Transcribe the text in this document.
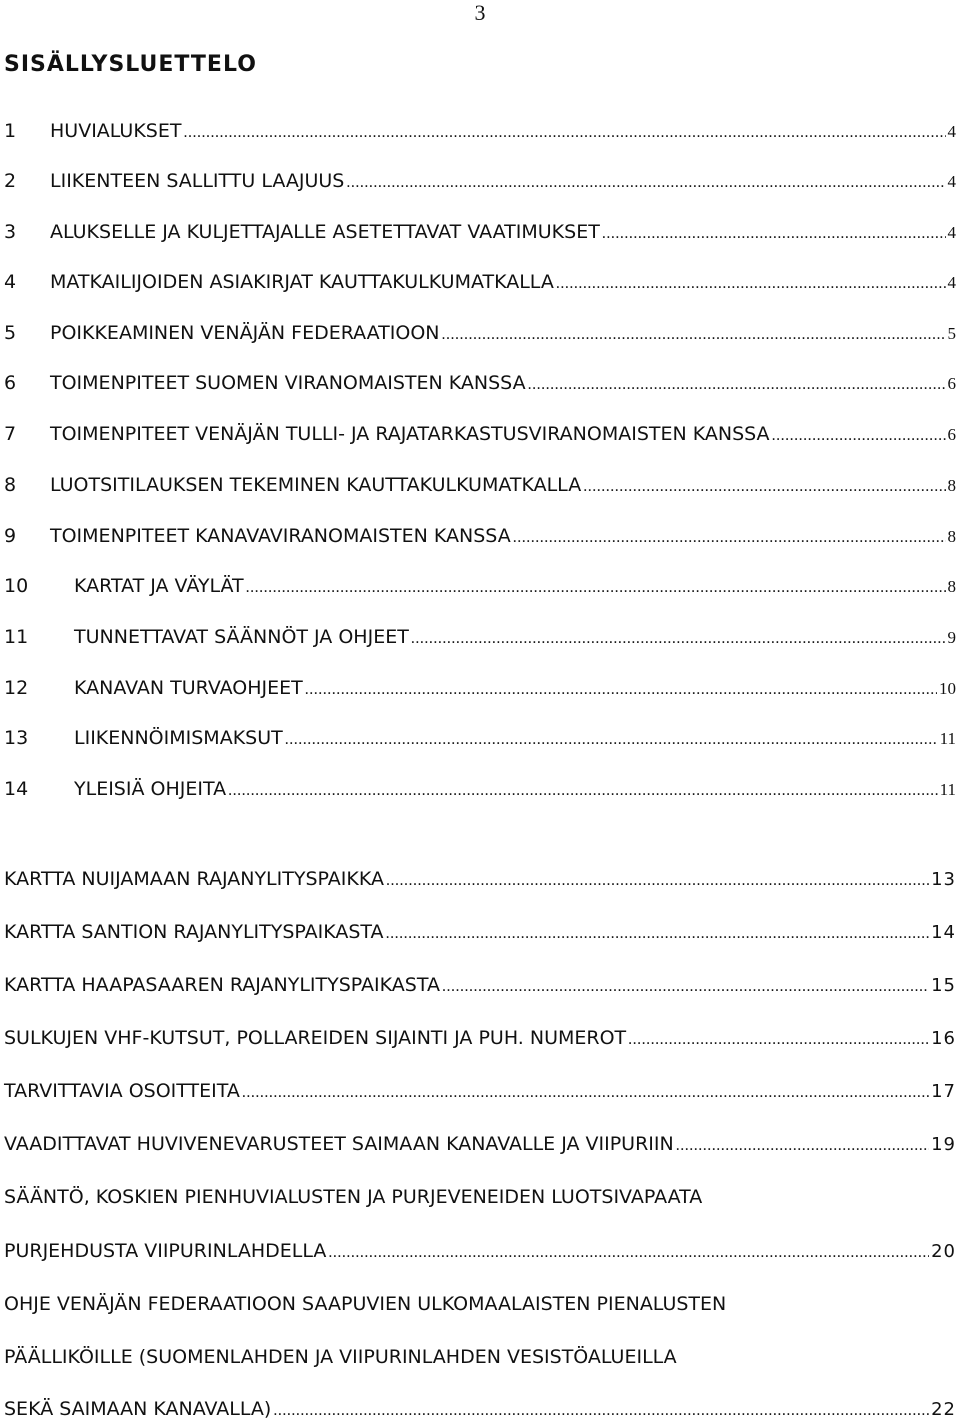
3
SISÄLLYSLUETTELO
1	HUVIALUKSET .....	4
2	LIIKENTEEN SALLITTU LAAJUUS .....	4
3	ALUKSELLE JA KULJETTAJALLE ASETETTAVAT VAATIMUKSET .....	4
4	MATKAILIJOIDEN ASIAKIRJAT KAUTTAKULKUMATKALLA .....	4
5	POIKKEAMINEN VENÄJÄN FEDERAATIOON .....	5
6	TOIMENPITEET SUOMEN VIRANOMAISTEN KANSSA .....	6
7	TOIMENPITEET VENÄJÄN TULLI- JA RAJATARKASTUSVIRANOMAISTEN KANSSA .....	6
8	LUOTSITILAUKSEN TEKEMINEN KAUTTAKULKUMATKALLA .....	8
9	TOIMENPITEET KANAVAVIRANOMAISTEN KANSSA .....	8
10	KARTAT JA VÄYLÄT .....	8
11	TUNNETTAVAT SÄÄNNÖT JA OHJEET .....	9
12	KANAVAN TURVAOHJEET .....	10
13	LIIKENNÖIMISMAKSUT .....	11
14	YLEISIÄ OHJEITA .....	11
KARTTA NUIJAMAAN RAJANYLITYSPAIKKA .....	13
KARTTA SANTION RAJANYLITYSPAIKASTA .....	14
KARTTA HAAPASAAREN RAJANYLITYSPAIKASTA .....	15
SULKUJEN VHF-KUTSUT, POLLAREIDEN SIJAINTI JA PUH. NUMEROT .....	16
TARVITTAVIA OSOITTEITA .....	17
VAADITTAVAT HUVIVENEVARUSTEET SAIMAAN KANAVALLE JA VIIPURIIN .....	19
SÄÄNTÖ, KOSKIEN PIENHUVIALUSTEN JA PURJEVENEIDEN LUOTSIVAPAATA
PURJEHDUSTA VIIPURINLAHDELLA .....	20
OHJE VENÄJÄN FEDERAATIOON SAAPUVIEN ULKOMAALAISTEN PIENALUSTEN
PÄÄLLIKÖILLE (SUOMENLAHDEN JA VIIPURINLAHDEN VESISTÖALUEILLA
SEKÄ SAIMAAN KANAVALLA) .....	22
